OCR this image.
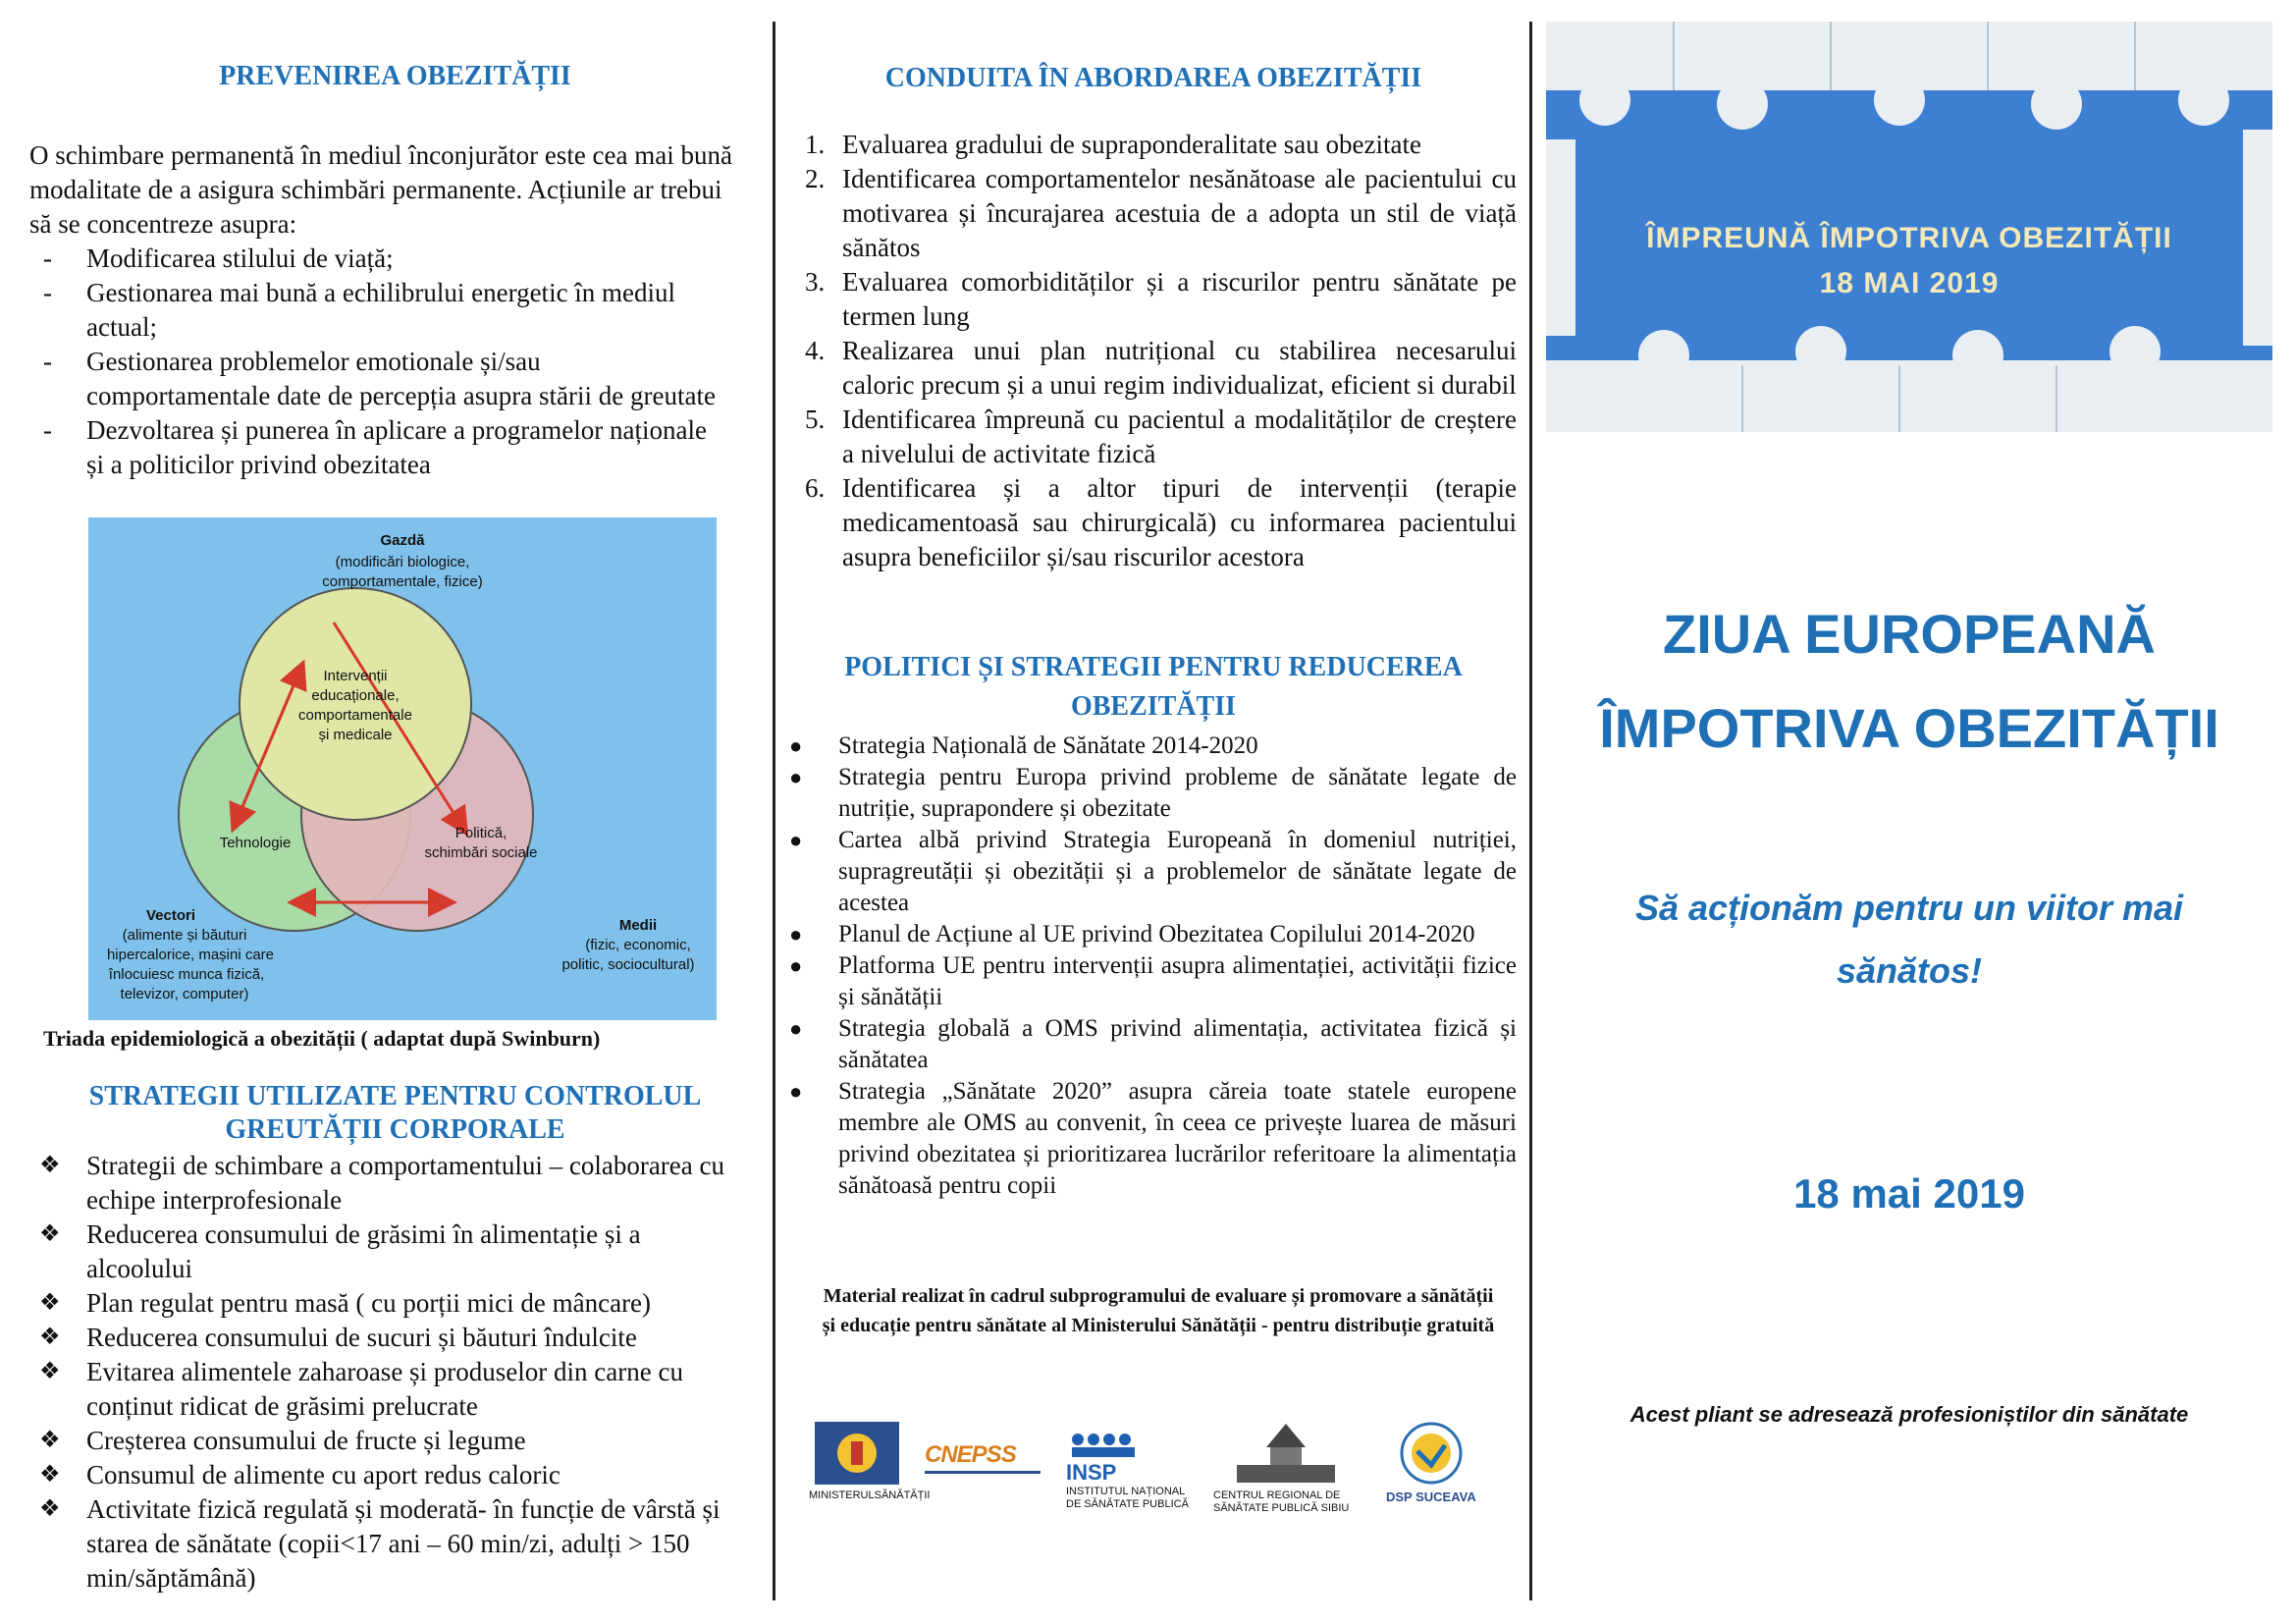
PREVENIREA OBEZITĂȚII
O schimbare permanentă în mediul înconjurător este cea mai bună modalitate de a asigura schimbări permanente. Acțiunile ar trebui să se concentreze asupra:
- Modificarea stilului de viață;
- Gestionarea mai bună a echilibrului energetic în mediul actual;
- Gestionarea problemelor emotionale și/sau comportamentale date de percepția asupra stării de greutate
- Dezvoltarea și punerea în aplicare a programelor naționale și a politicilor privind obezitatea
Gazdă
(modificări biologice,
comportamentale, fizice)
Intervenții
educaționale,
comportamentale
și medicale
Tehnologie
Politică,
schimbări sociale
Vectori
(alimente și băuturi
hipercalorice, mașini care
înlocuiesc munca fizică,
televizor, computer)
Medii
(fizic, economic,
politic, sociocultural)
Triada epidemiologică a obezității ( adaptat după Swinburn)
STRATEGII UTILIZATE PENTRU CONTROLUL
GREUTĂȚII CORPORALE
❖ Strategii de schimbare a comportamentului – colaborarea cu echipe interprofesionale
❖ Reducerea consumului de grăsimi în alimentație și a alcoolului
❖ Plan regulat pentru masă ( cu porții mici de mâncare)
❖ Reducerea consumului de sucuri și băuturi îndulcite
❖ Evitarea alimentele zaharoase și produselor din carne cu conținut ridicat de grăsimi prelucrate
❖ Creșterea consumului de fructe și legume
❖ Consumul de alimente cu aport redus caloric
❖ Activitate fizică regulată și moderată- în funcție de vârstă și starea de sănătate (copii<17 ani – 60 min/zi, adulți > 150 min/săptămână)
CONDUITA ÎN ABORDAREA OBEZITĂȚII
1. Evaluarea gradului de supraponderalitate sau obezitate
2. Identificarea comportamentelor nesănătoase ale pacientului cu motivarea și încurajarea acestuia de a adopta un stil de viață sănătos
3. Evaluarea comorbidităților și a riscurilor pentru sănătate pe termen lung
4. Realizarea unui plan nutrițional cu stabilirea necesarului caloric precum și a unui regim individualizat, eficient si durabil
5. Identificarea împreună cu pacientul a modalităților de creștere a nivelului de activitate fizică
6. Identificarea și a altor tipuri de intervenții (terapie medicamentoasă sau chirurgicală) cu informarea pacientului asupra beneficiilor și/sau riscurilor acestora
POLITICI ȘI STRATEGII PENTRU REDUCEREA
OBEZITĂȚII
● Strategia Națională de Sănătate 2014-2020
● Strategia pentru Europa privind probleme de sănătate legate de nutriție, suprapondere și obezitate
● Cartea albă privind Strategia Europeană în domeniul nutriției, supragreutății și obezității și a problemelor de sănătate legate de acestea
● Planul de Acțiune al UE privind Obezitatea Copilului 2014-2020
● Platforma UE pentru intervenții asupra alimentației, activității fizice și sănătății
● Strategia globală a OMS privind alimentația, activitatea fizică și sănătatea
● Strategia „Sănătate 2020” asupra căreia toate statele europene membre ale OMS au convenit, în ceea ce privește luarea de măsuri privind obezitatea și prioritizarea lucrărilor referitoare la alimentația sănătoasă pentru copii
Material realizat în cadrul subprogramului de evaluare și promovare a sănătății și educație pentru sănătate al Ministerului Sănătății - pentru distribuție gratuită
MINISTERULSĂNĂTĂȚII
CNEPSS
INSP
INSTITUTUL NAȚIONAL
DE SĂNĂTATE PUBLICĂ
CENTRUL REGIONAL DE
SĂNĂTATE PUBLICĂ SIBIU
DSP SUCEAVA
ÎMPREUNĂ ÎMPOTRIVA OBEZITĂȚII
18 MAI 2019
ZIUA EUROPEANĂ
ÎMPOTRIVA OBEZITĂȚII
Să acționăm pentru un viitor mai
sănătos!
18 mai 2019
Acest pliant se adresează profesioniștilor din sănătate
